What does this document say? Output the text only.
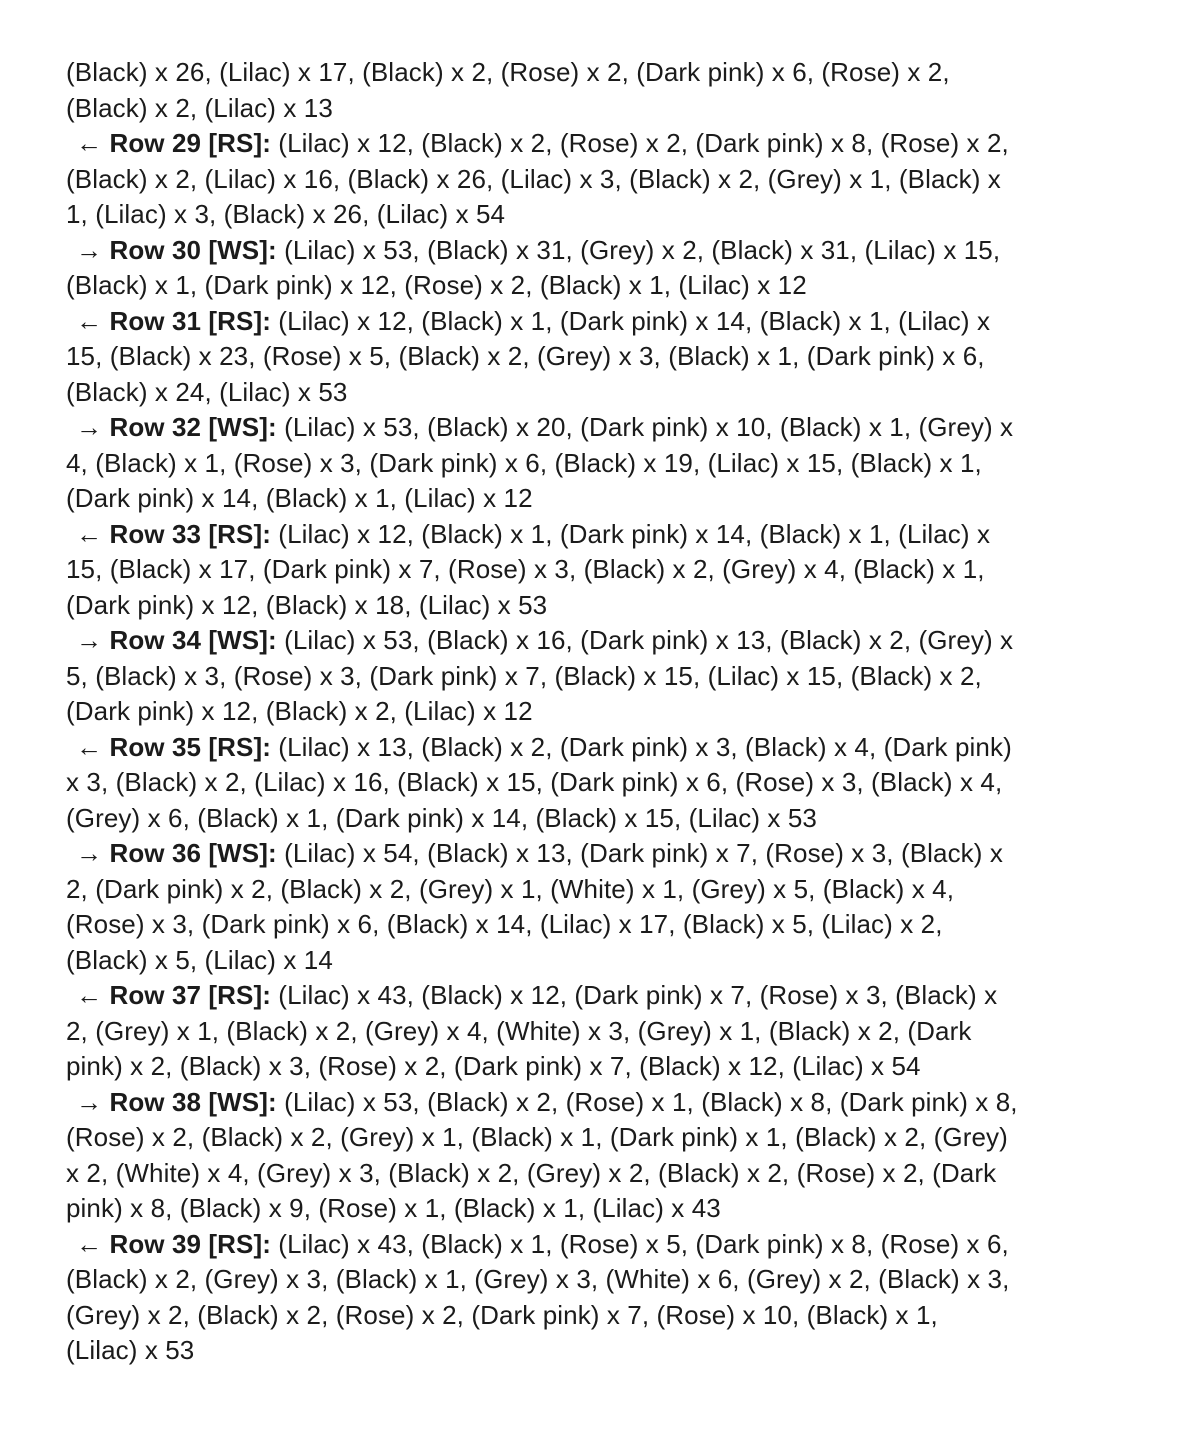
(Black) x 26, (Lilac) x 17, (Black) x 2, (Rose) x 2, (Dark pink) x 6, (Rose) x 2,
(Black) x 2, (Lilac) x 13
← Row 29 [RS]: (Lilac) x 12, (Black) x 2, (Rose) x 2, (Dark pink) x 8, (Rose) x 2,
(Black) x 2, (Lilac) x 16, (Black) x 26, (Lilac) x 3, (Black) x 2, (Grey) x 1, (Black) x
1, (Lilac) x 3, (Black) x 26, (Lilac) x 54
→ Row 30 [WS]: (Lilac) x 53, (Black) x 31, (Grey) x 2, (Black) x 31, (Lilac) x 15,
(Black) x 1, (Dark pink) x 12, (Rose) x 2, (Black) x 1, (Lilac) x 12
← Row 31 [RS]: (Lilac) x 12, (Black) x 1, (Dark pink) x 14, (Black) x 1, (Lilac) x
15, (Black) x 23, (Rose) x 5, (Black) x 2, (Grey) x 3, (Black) x 1, (Dark pink) x 6,
(Black) x 24, (Lilac) x 53
→ Row 32 [WS]: (Lilac) x 53, (Black) x 20, (Dark pink) x 10, (Black) x 1, (Grey) x
4, (Black) x 1, (Rose) x 3, (Dark pink) x 6, (Black) x 19, (Lilac) x 15, (Black) x 1,
(Dark pink) x 14, (Black) x 1, (Lilac) x 12
← Row 33 [RS]: (Lilac) x 12, (Black) x 1, (Dark pink) x 14, (Black) x 1, (Lilac) x
15, (Black) x 17, (Dark pink) x 7, (Rose) x 3, (Black) x 2, (Grey) x 4, (Black) x 1,
(Dark pink) x 12, (Black) x 18, (Lilac) x 53
→ Row 34 [WS]: (Lilac) x 53, (Black) x 16, (Dark pink) x 13, (Black) x 2, (Grey) x
5, (Black) x 3, (Rose) x 3, (Dark pink) x 7, (Black) x 15, (Lilac) x 15, (Black) x 2,
(Dark pink) x 12, (Black) x 2, (Lilac) x 12
← Row 35 [RS]: (Lilac) x 13, (Black) x 2, (Dark pink) x 3, (Black) x 4, (Dark pink)
x 3, (Black) x 2, (Lilac) x 16, (Black) x 15, (Dark pink) x 6, (Rose) x 3, (Black) x 4,
(Grey) x 6, (Black) x 1, (Dark pink) x 14, (Black) x 15, (Lilac) x 53
→ Row 36 [WS]: (Lilac) x 54, (Black) x 13, (Dark pink) x 7, (Rose) x 3, (Black) x
2, (Dark pink) x 2, (Black) x 2, (Grey) x 1, (White) x 1, (Grey) x 5, (Black) x 4,
(Rose) x 3, (Dark pink) x 6, (Black) x 14, (Lilac) x 17, (Black) x 5, (Lilac) x 2,
(Black) x 5, (Lilac) x 14
← Row 37 [RS]: (Lilac) x 43, (Black) x 12, (Dark pink) x 7, (Rose) x 3, (Black) x
2, (Grey) x 1, (Black) x 2, (Grey) x 4, (White) x 3, (Grey) x 1, (Black) x 2, (Dark
pink) x 2, (Black) x 3, (Rose) x 2, (Dark pink) x 7, (Black) x 12, (Lilac) x 54
→ Row 38 [WS]: (Lilac) x 53, (Black) x 2, (Rose) x 1, (Black) x 8, (Dark pink) x 8,
(Rose) x 2, (Black) x 2, (Grey) x 1, (Black) x 1, (Dark pink) x 1, (Black) x 2, (Grey)
x 2, (White) x 4, (Grey) x 3, (Black) x 2, (Grey) x 2, (Black) x 2, (Rose) x 2, (Dark
pink) x 8, (Black) x 9, (Rose) x 1, (Black) x 1, (Lilac) x 43
← Row 39 [RS]: (Lilac) x 43, (Black) x 1, (Rose) x 5, (Dark pink) x 8, (Rose) x 6,
(Black) x 2, (Grey) x 3, (Black) x 1, (Grey) x 3, (White) x 6, (Grey) x 2, (Black) x 3,
(Grey) x 2, (Black) x 2, (Rose) x 2, (Dark pink) x 7, (Rose) x 10, (Black) x 1,
(Lilac) x 53
